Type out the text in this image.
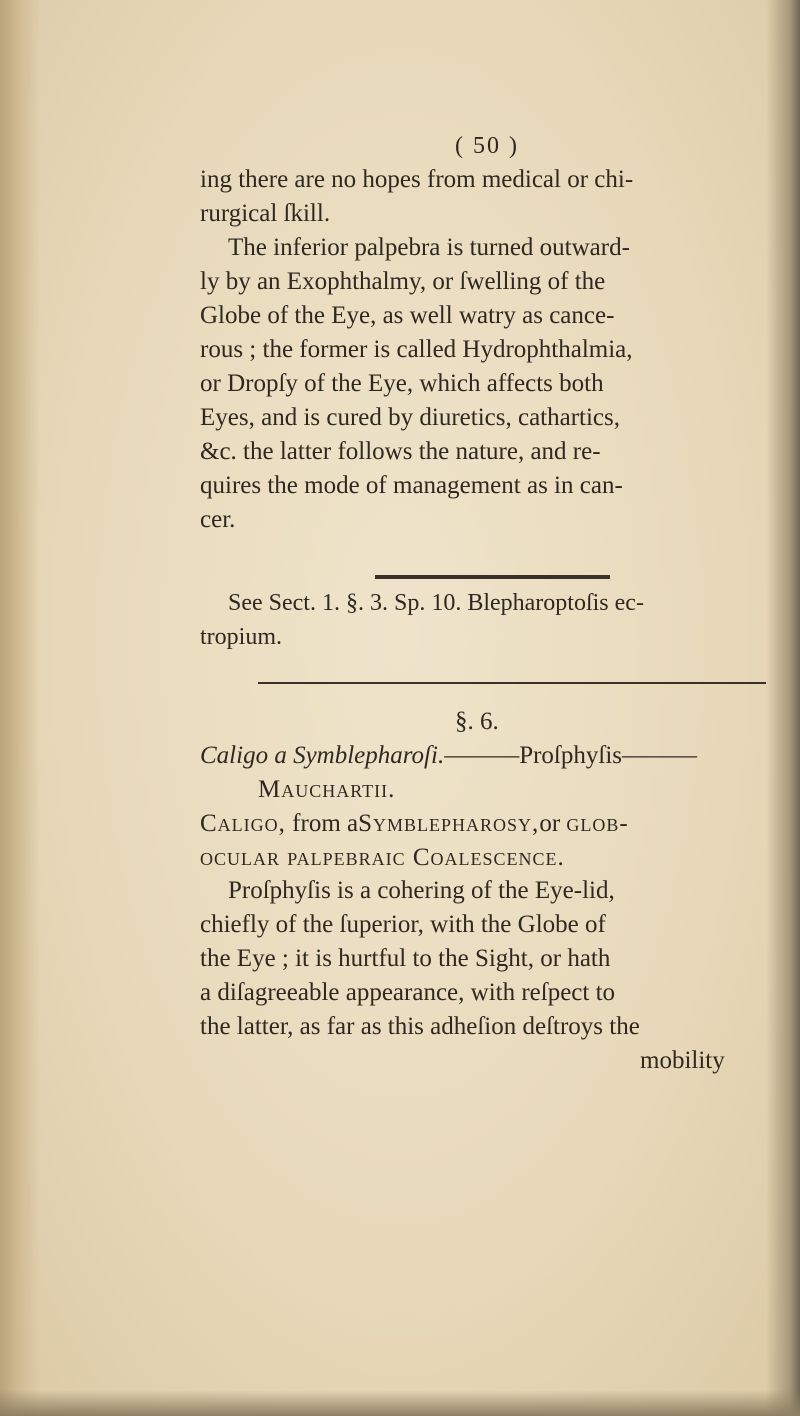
( 50 )
ing there are no hopes from medical or chi-
rurgical ſkill.
The inferior palpebra is turned outward-
ly by an Exophthalmy, or ſwelling of the
Globe of the Eye, as well watry as cance-
rous ; the former is called Hydrophthalmia,
or Dropſy of the Eye, which affects both
Eyes, and is cured by diuretics, cathartics,
&c. the latter follows the nature, and re-
quires the mode of management as in can-
cer.
See Sect. 1. §. 3. Sp. 10. Blepharoptoſis ec-
tropium.
§. 6.
Caligo a Symblepharoſi.———Proſphyſis———
Mauchartii.
Caligo, from aSymblepharosy,or glob-
ocular palpebraic Coalescence.
Proſphyſis is a cohering of the Eye-lid,
chiefly of the ſuperior, with the Globe of
the Eye ; it is hurtful to the Sight, or hath
a diſagreeable appearance, with reſpect to
the latter, as far as this adheſion deſtroys the
mobility
